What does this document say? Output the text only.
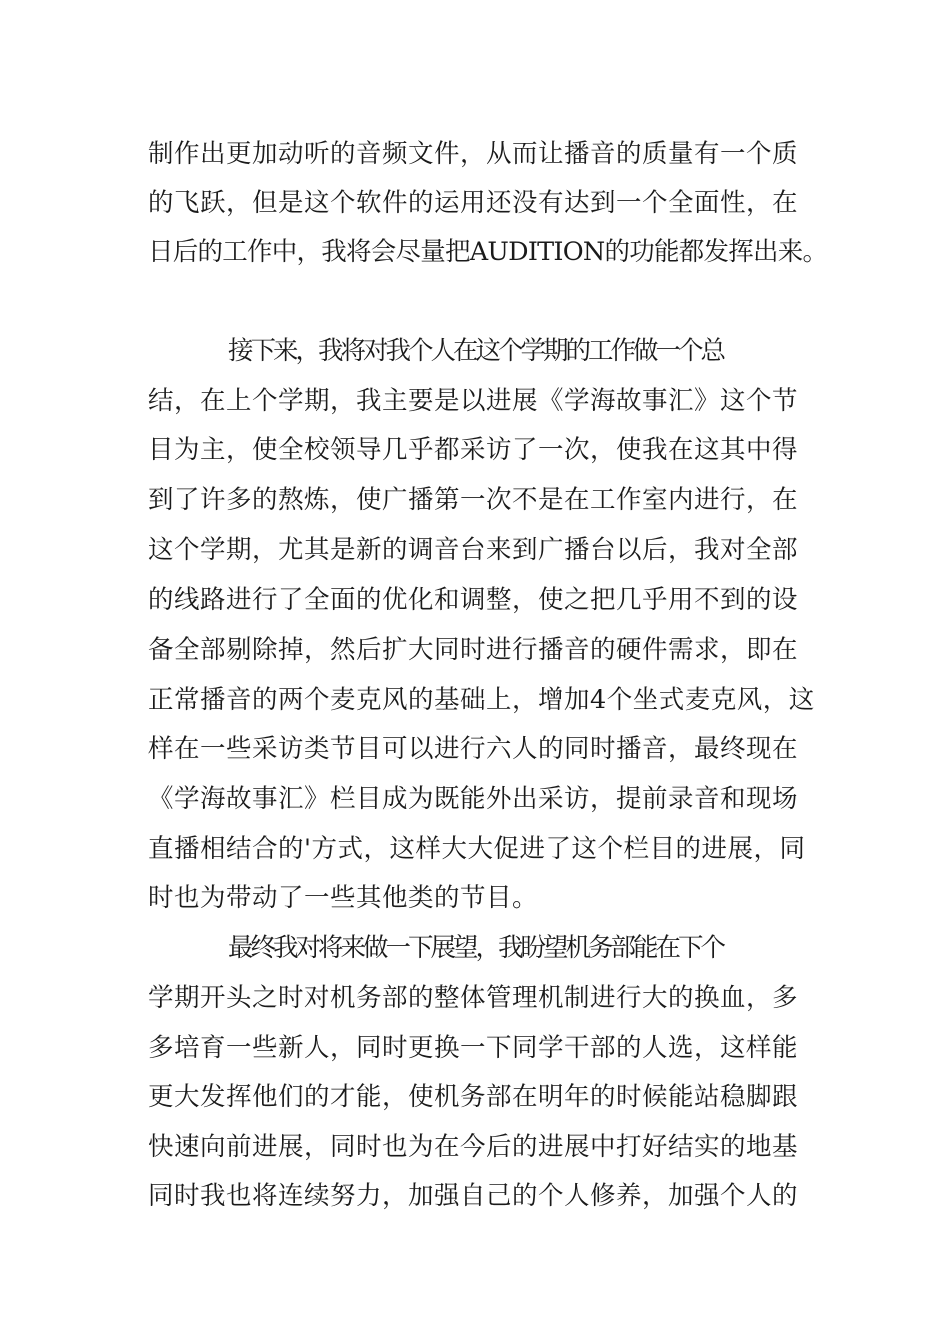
制作出更加动听的音频文件，从而让播音的质量有一个质
的飞跃，但是这个软件的运用还没有达到一个全面性，在
日后的工作中，我将会尽量把AUDITION的功能都发挥出来。
接下来，我将对我个人在这个学期的工作做一个总
结，在上个学期，我主要是以进展《学海故事汇》这个节
目为主，使全校领导几乎都采访了一次，使我在这其中得
到了许多的熬炼，使广播第一次不是在工作室内进行，在
这个学期，尤其是新的调音台来到广播台以后，我对全部
的线路进行了全面的优化和调整，使之把几乎用不到的设
备全部剔除掉，然后扩大同时进行播音的硬件需求，即在
正常播音的两个麦克风的基础上，增加4个坐式麦克风，这
样在一些采访类节目可以进行六人的同时播音，最终现在
《学海故事汇》栏目成为既能外出采访，提前录音和现场
直播相结合的'方式，这样大大促进了这个栏目的进展，同
时也为带动了一些其他类的节目。
最终我对将来做一下展望，我盼望机务部能在下个
学期开头之时对机务部的整体管理机制进行大的换血，多
多培育一些新人，同时更换一下同学干部的人选，这样能
更大发挥他们的才能，使机务部在明年的时候能站稳脚跟
快速向前进展，同时也为在今后的进展中打好结实的地基
同时我也将连续努力，加强自己的个人修养，加强个人的
